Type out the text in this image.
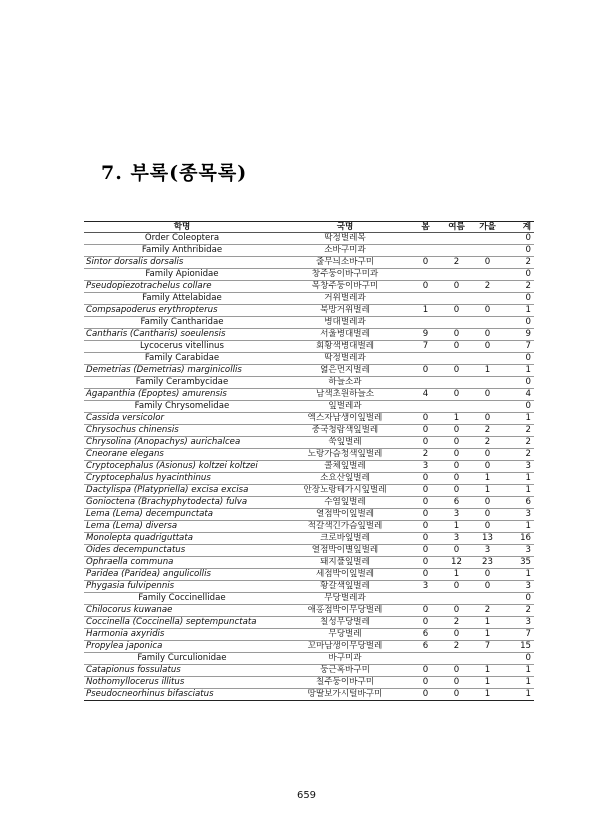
7. 부록(종목록)
학명	국명	봄	여름	가을	계
Order Coleoptera	딱정벌레목				0
Family Anthribidae	소바구미과				0
Sintor dorsalis dorsalis	줄무늬소바구미	0	2	0	2
Family Apionidae	창주둥이바구미과				0
Pseudopiezotrachelus collare	목창주둥이바구미	0	0	2	2
Family Attelabidae	거위벌레과				0
Compsapoderus erythropterus	북방거위벌레	1	0	0	1
Family Cantharidae	병대벌레과				0
Cantharis (Cantharis) soeulensis	서울병대벌레	9	0	0	9
Lycocerus vitellinus	회황색병대벌레	7	0	0	7
Family Carabidae	딱정벌레과				0
Demetrias (Demetrias) marginicollis	엷은먼지벌레	0	0	1	1
Family Cerambycidae	하늘소과				0
Agapanthia (Epoptes) amurensis	남색초원하늘소	4	0	0	4
Family Chrysomelidae	잎벌레과				0
Cassida versicolor	엑스자남생이잎벌레	0	1	0	1
Chrysochus chinensis	중국청람색잎벌레	0	0	2	2
Chrysolina (Anopachys) aurichalcea	쑥잎벌레	0	0	2	2
Cneorane elegans	노랑가슴청색잎벌레	2	0	0	2
Cryptocephalus (Asionus) koltzei koltzei	콜체잎벌레	3	0	0	3
Cryptocephalus hyacinthinus	소요산잎벌레	0	0	1	1
Dactylispa (Platypriella) excisa excisa	안장노랑테가시잎벌레	0	0	1	1
Gonioctena (Brachyphytodecta) fulva	수염잎벌레	0	6	0	6
Lema (Lema) decempunctata	열점박이잎벌레	0	3	0	3
Lema (Lema) diversa	적갈색긴가슴잎벌레	0	1	0	1
Monolepta quadriguttata	크로바잎벌레	0	3	13	16
Oides decempunctatus	열점박이별잎벌레	0	0	3	3
Ophraella communa	돼지풀잎벌레	0	12	23	35
Paridea (Paridea) angulicollis	세점박이잎벌레	0	1	0	1
Phygasia fulvipennis	황갈색잎벌레	3	0	0	3
Family Coccinellidae	무당벌레과				0
Chilocorus kuwanae	애홍점박이무당벌레	0	0	2	2
Coccinella (Coccinella) septempunctata	칠성무당벌레	0	2	1	3
Harmonia axyridis	무당벌레	6	0	1	7
Propylea japonica	꼬마남생이무당벌레	6	2	7	15
Family Curculionidae	바구미과				0
Catapionus fossulatus	둥근혹바구미	0	0	1	1
Nothomyllocerus illitus	칠주둥이바구미	0	0	1	1
Pseudocneorhinus bifasciatus	땅딸보가시털바구미	0	0	1	1
659
